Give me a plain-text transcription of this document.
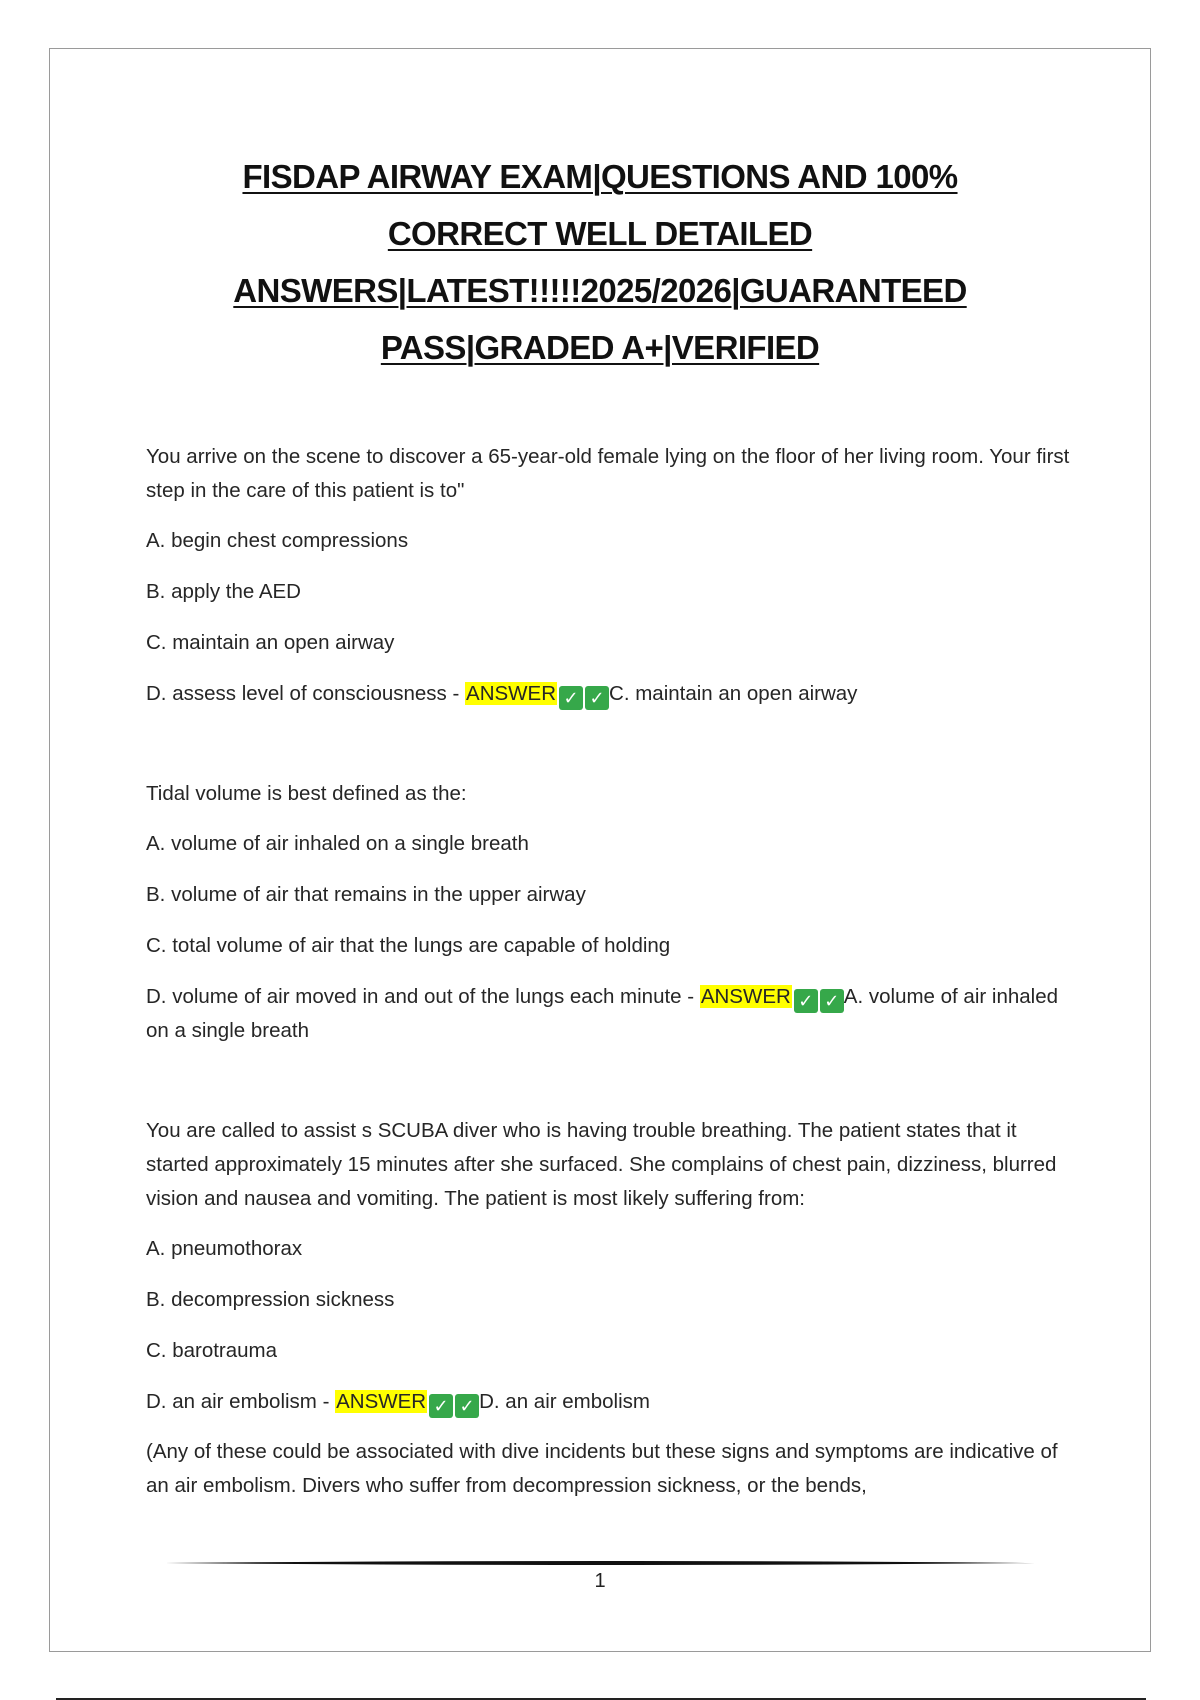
FISDAP AIRWAY EXAM|QUESTIONS AND 100%
CORRECT WELL DETAILED
ANSWERS|LATEST!!!!!2025/2026|GUARANTEED
PASS|GRADED A+|VERIFIED
You arrive on the scene to discover a 65-year-old female lying on the floor of her living room. Your first step in the care of this patient is to"
A. begin chest compressions
B. apply the AED
C. maintain an open airway
D. assess level of consciousness - ANSWER ✓ ✓ C. maintain an open airway
Tidal volume is best defined as the:
A. volume of air inhaled on a single breath
B. volume of air that remains in the upper airway
C. total volume of air that the lungs are capable of holding
D. volume of air moved in and out of the lungs each minute - ANSWER ✓ ✓ A. volume of air inhaled on a single breath
You are called to assist s SCUBA diver who is having trouble breathing. The patient states that it started approximately 15 minutes after she surfaced. She complains of chest pain, dizziness, blurred vision and nausea and vomiting. The patient is most likely suffering from:
A. pneumothorax
B. decompression sickness
C. barotrauma
D. an air embolism - ANSWER ✓ ✓ D. an air embolism
(Any of these could be associated with dive incidents but these signs and symptoms are indicative of an air embolism. Divers who suffer from decompression sickness, or the bends,
1
